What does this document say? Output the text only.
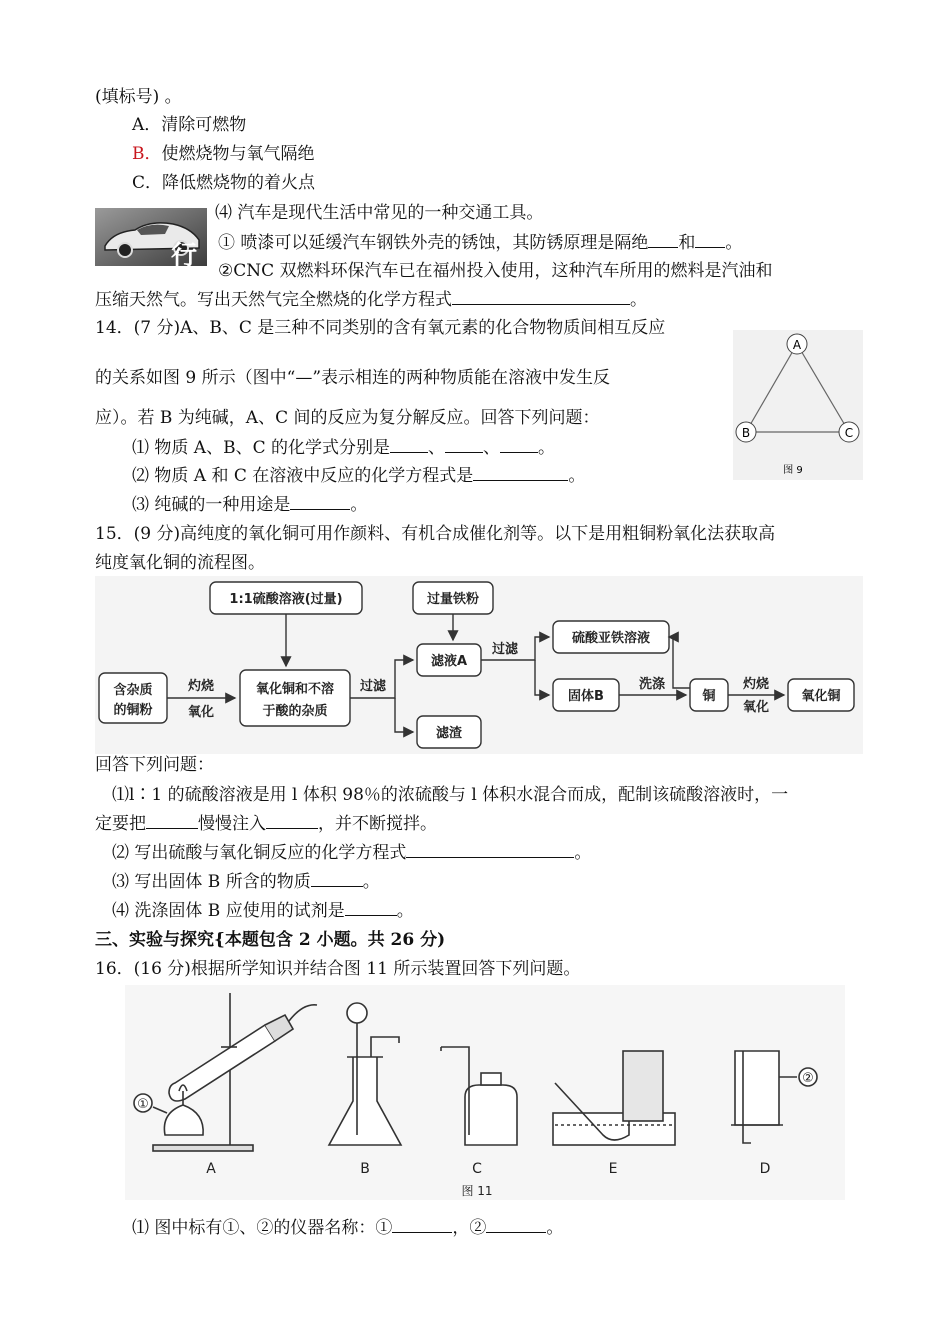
(填标号) 。
A．清除可燃物
B．使燃烧物与氧气隔绝
C．降低燃烧物的着火点
行
⑷ 汽车是现代生活中常见的一种交通工具。
① 喷漆可以延缓汽车钢铁外壳的锈蚀，其防锈原理是隔绝 和 。
②CNC 双燃料环保汽车已在福州投入使用，这种汽车所用的燃料是汽油和
压缩天然气。写出天然气完全燃烧的化学方程式	。
14．(7 分)A、B、C 是三种不同类别的含有氧元素的化合物物质间相互反应
的关系如图 9 所示（图中“—”表示相连的两种物质能在溶液中发生反
应）。若 B 为纯碱，A、C 间的反应为复分解反应。回答下列问题：
⑴ 物质 A、B、C 的化学式分别是 、 、 。
⑵ 物质 A 和 C 在溶液中反应的化学方程式是	。
⑶ 纯碱的一种用途是	。
A
B	C
图 9
15．(9 分)高纯度的氧化铜可用作颜料、有机合成催化剂等。以下是用粗铜粉氧化法获取高
纯度氧化铜的流程图。
1:1硫酸溶液(过量)	过量铁粉
含杂质
的铜粉
灼烧
氧化
氧化铜和不溶
于酸的杂质
过滤
滤液A
滤渣
过滤
硫酸亚铁溶液
固体B
洗涤
铜
灼烧
氧化
氧化铜
回答下列问题：
⑴l∶1 的硫酸溶液是用 l 体积 98％的浓硫酸与 l 体积水混合而成，配制该硫酸溶液时，一
定要把	慢慢注入	，并不断搅拌。
⑵ 写出硫酸与氧化铜反应的化学方程式	。
⑶ 写出固体 B 所含的物质	。
⑷ 洗涤固体 B 应使用的试剂是	。
三、实验与探究{本题包含 2 小题。共 26 分)
16．(16 分)根据所学知识并结合图 11 所示装置回答下列问题。
①
②
A	B	C	E	D
图 11
⑴ 图中标有①、②的仪器名称：①	，②	。
